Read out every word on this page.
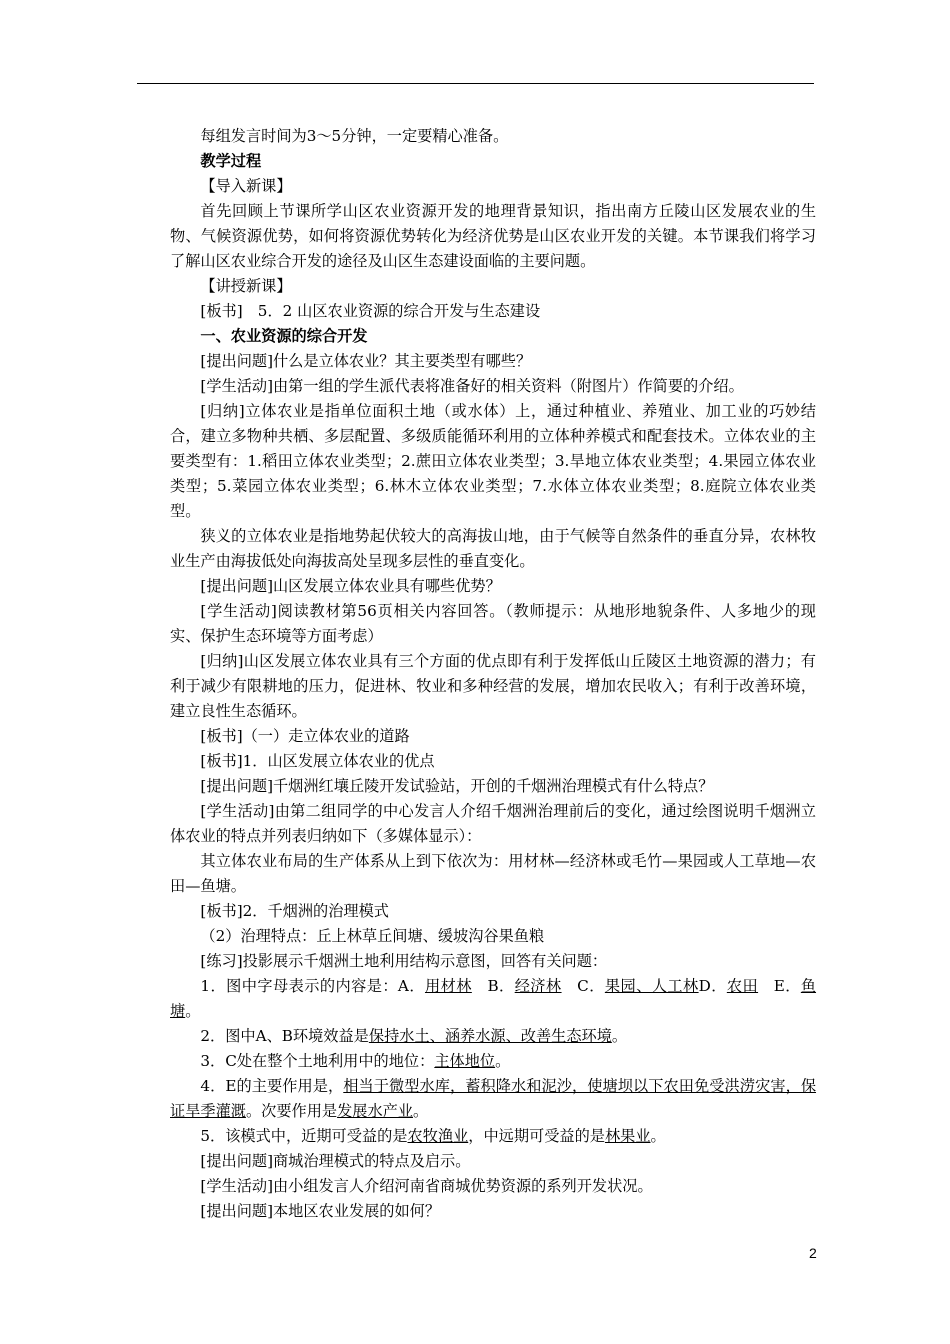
每组发言时间为3～5分钟，一定要精心准备。

教学过程

【导入新课】

首先回顾上节课所学山区农业资源开发的地理背景知识，指出南方丘陵山区发展农业的生物、气候资源优势，如何将资源优势转化为经济优势是山区农业开发的关键。本节课我们将学习了解山区农业综合开发的途径及山区生态建设面临的主要问题。

【讲授新课】

[板书]　5．2 山区农业资源的综合开发与生态建设

一、农业资源的综合开发

[提出问题]什么是立体农业？其主要类型有哪些？

[学生活动]由第一组的学生派代表将准备好的相关资料（附图片）作简要的介绍。

[归纳]立体农业是指单位面积土地（或水体）上，通过种植业、养殖业、加工业的巧妙结合，建立多物种共栖、多层配置、多级质能循环利用的立体种养模式和配套技术。立体农业的主要类型有：1.稻田立体农业类型；2.蔗田立体农业类型；3.旱地立体农业类型；4.果园立体农业类型；5.菜园立体农业类型；6.林木立体农业类型；7.水体立体农业类型；8.庭院立体农业类型。

狭义的立体农业是指地势起伏较大的高海拔山地，由于气候等自然条件的垂直分异，农林牧业生产由海拔低处向海拔高处呈现多层性的垂直变化。

[提出问题]山区发展立体农业具有哪些优势？

[学生活动]阅读教材第56页相关内容回答。（教师提示：从地形地貌条件、人多地少的现实、保护生态环境等方面考虑）

[归纳]山区发展立体农业具有三个方面的优点即有利于发挥低山丘陵区土地资源的潜力；有利于减少有限耕地的压力，促进林、牧业和多种经营的发展，增加农民收入；有利于改善环境，建立良性生态循环。

[板书]（一）走立体农业的道路

[板书]1．山区发展立体农业的优点

[提出问题]千烟洲红壤丘陵开发试验站，开创的千烟洲治理模式有什么特点？

[学生活动]由第二组同学的中心发言人介绍千烟洲治理前后的变化，通过绘图说明千烟洲立体农业的特点并列表归纳如下（多媒体显示）：

其立体农业布局的生产体系从上到下依次为：用材林—经济林或毛竹—果园或人工草地—农田—鱼塘。

[板书]2．千烟洲的治理模式

（2）治理特点：丘上林草丘间塘、缓坡沟谷果鱼粮

[练习]投影展示千烟洲土地利用结构示意图，回答有关问题：

1．图中字母表示的内容是：A．用材林　B．经济林　C．果园、人工林D．农田　E．鱼塘。

2．图中A、B环境效益是保持水土、涵养水源、改善生态环境。

3．C处在整个土地利用中的地位：主体地位。

4．E的主要作用是，相当于微型水库，蓄积降水和泥沙，使塘坝以下农田免受洪涝灾害，保证旱季灌溉。次要作用是发展水产业。

5．该模式中，近期可受益的是农牧渔业，中远期可受益的是林果业。

[提出问题]商城治理模式的特点及启示。

[学生活动]由小组发言人介绍河南省商城优势资源的系列开发状况。

[提出问题]本地区农业发展的如何？

2
